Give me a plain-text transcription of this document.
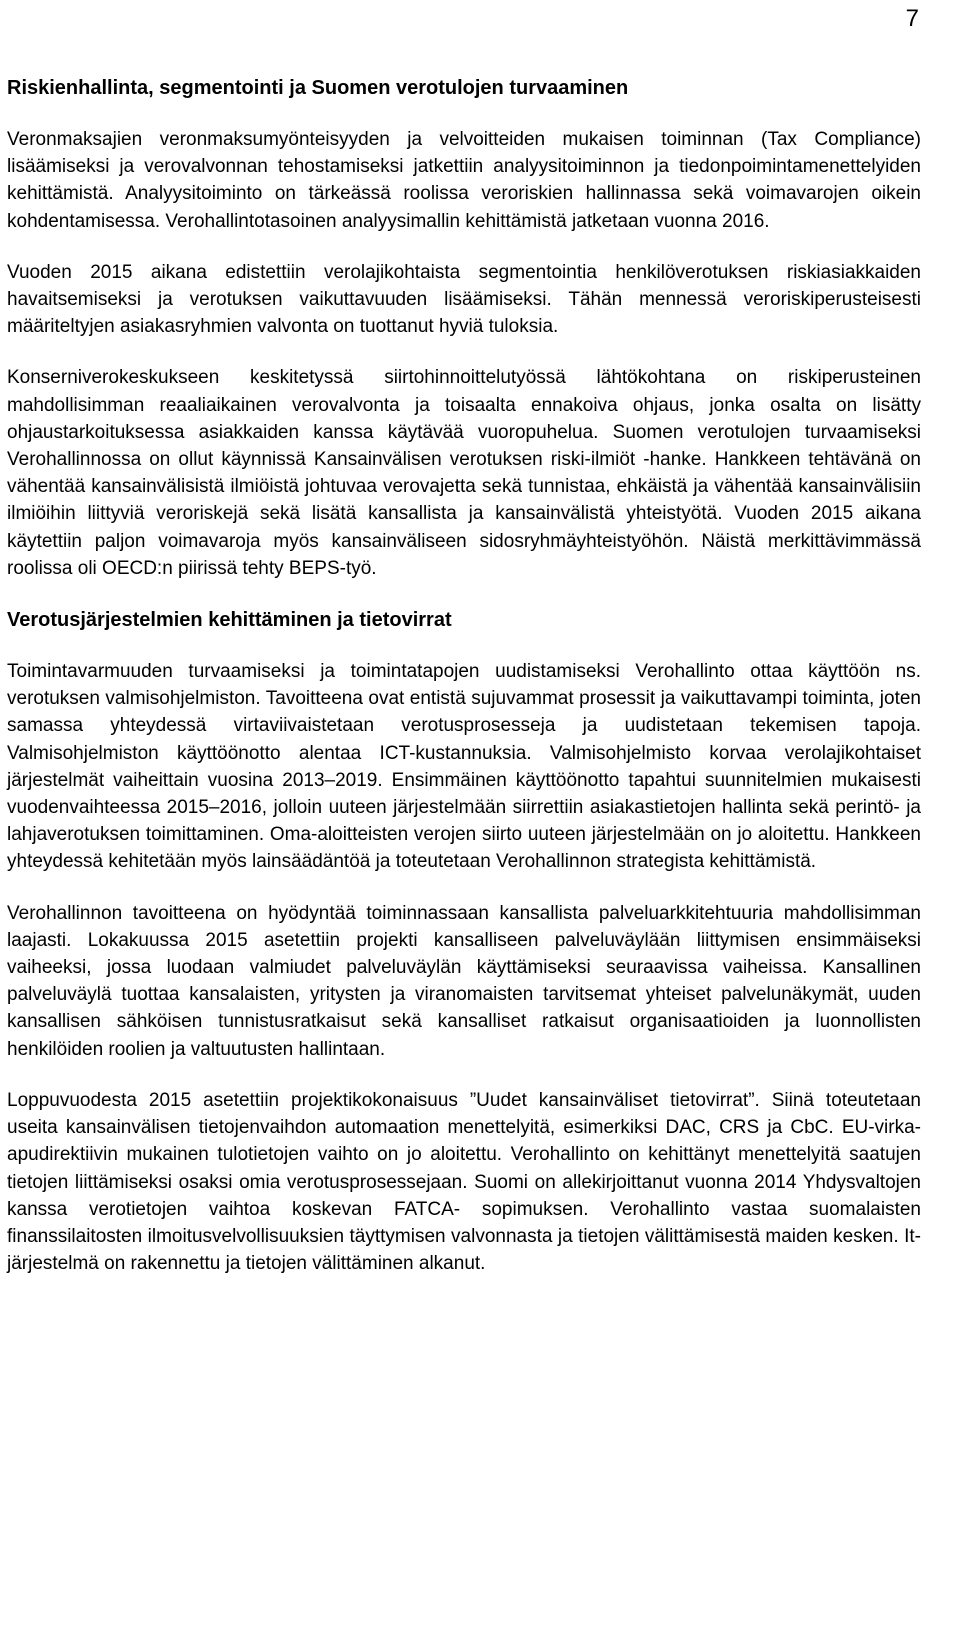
7
Riskienhallinta, segmentointi ja Suomen verotulojen turvaaminen

Veronmaksajien veronmaksumyönteisyyden ja velvoitteiden mukaisen toiminnan (Tax Compliance) lisäämiseksi ja verovalvonnan tehostamiseksi jatkettiin analyysitoiminnon ja tiedonpoimintamenettelyiden kehittämistä. Analyysitoiminto on tärkeässä roolissa veroriskien hallinnassa sekä voimavarojen oikein kohdentamisessa. Verohallintotasoinen analyysimallin kehittämistä jatketaan vuonna 2016.

Vuoden 2015 aikana edistettiin verolajikohtaista segmentointia henkilöverotuksen riskiasiakkaiden havaitsemiseksi ja verotuksen vaikuttavuuden lisäämiseksi. Tähän mennessä veroriskiperusteisesti määriteltyjen asiakasryhmien valvonta on tuottanut hyviä tuloksia.

Konserniverokeskukseen keskitetyssä siirtohinnoittelutyössä lähtökohtana on riskiperusteinen mahdollisimman reaaliaikainen verovalvonta ja toisaalta ennakoiva ohjaus, jonka osalta on lisätty ohjaustarkoituksessa asiakkaiden kanssa käytävää vuoropuhelua. Suomen verotulojen turvaamiseksi Verohallinnossa on ollut käynnissä Kansainvälisen verotuksen riski-ilmiöt -hanke. Hankkeen tehtävänä on vähentää kansainvälisistä ilmiöistä johtuvaa verovajetta sekä tunnistaa, ehkäistä ja vähentää kansainvälisiin ilmiöihin liittyviä veroriskejä sekä lisätä kansallista ja kansainvälistä yhteistyötä. Vuoden 2015 aikana käytettiin paljon voimavaroja myös kansainväliseen sidosryhmäyhteistyöhön. Näistä merkittävimmässä roolissa oli OECD:n piirissä tehty BEPS-työ.

Verotusjärjestelmien kehittäminen ja tietovirrat

Toimintavarmuuden turvaamiseksi ja toimintatapojen uudistamiseksi Verohallinto ottaa käyttöön ns. verotuksen valmisohjelmiston. Tavoitteena ovat entistä sujuvammat prosessit ja vaikuttavampi toiminta, joten samassa yhteydessä virtaviivaistetaan verotusprosesseja ja uudistetaan tekemisen tapoja. Valmisohjelmiston käyttöönotto alentaa ICT-kustannuksia. Valmisohjelmisto korvaa verolajikohtaiset järjestelmät vaiheittain vuosina 2013–2019. Ensimmäinen käyttöönotto tapahtui suunnitelmien mukaisesti vuodenvaihteessa 2015–2016, jolloin uuteen järjestelmään siirrettiin asiakastietojen hallinta sekä perintö- ja lahjaverotuksen toimittaminen. Oma-aloitteisten verojen siirto uuteen järjestelmään on jo aloitettu. Hankkeen yhteydessä kehitetään myös lainsäädäntöä ja toteutetaan Verohallinnon strategista kehittämistä.

Verohallinnon tavoitteena on hyödyntää toiminnassaan kansallista palveluarkkitehtuuria mahdollisimman laajasti. Lokakuussa 2015 asetettiin projekti kansalliseen palveluväylään liittymisen ensimmäiseksi vaiheeksi, jossa luodaan valmiudet palveluväylän käyttämiseksi seuraavissa vaiheissa. Kansallinen palveluväylä tuottaa kansalaisten, yritysten ja viranomaisten tarvitsemat yhteiset palvelunäkymät, uuden kansallisen sähköisen tunnistusratkaisut sekä kansalliset ratkaisut organisaatioiden ja luonnollisten henkilöiden roolien ja valtuutusten hallintaan.

Loppuvuodesta 2015 asetettiin projektikokonaisuus ”Uudet kansainväliset tietovirrat”. Siinä toteutetaan useita kansainvälisen tietojenvaihdon automaation menettelyitä, esimerkiksi DAC, CRS ja CbC. EU-virka-apudirektiivin mukainen tulotietojen vaihto on jo aloitettu. Verohallinto on kehittänyt menettelyitä saatujen tietojen liittämiseksi osaksi omia verotusprosessejaan. Suomi on allekirjoittanut vuonna 2014 Yhdysvaltojen kanssa verotietojen vaihtoa koskevan FATCA- sopimuksen. Verohallinto vastaa suomalaisten finanssilaitosten ilmoitusvelvollisuuksien täyttymisen valvonnasta ja tietojen välittämisestä maiden kesken. It-järjestelmä on rakennettu ja tietojen välittäminen alkanut.
